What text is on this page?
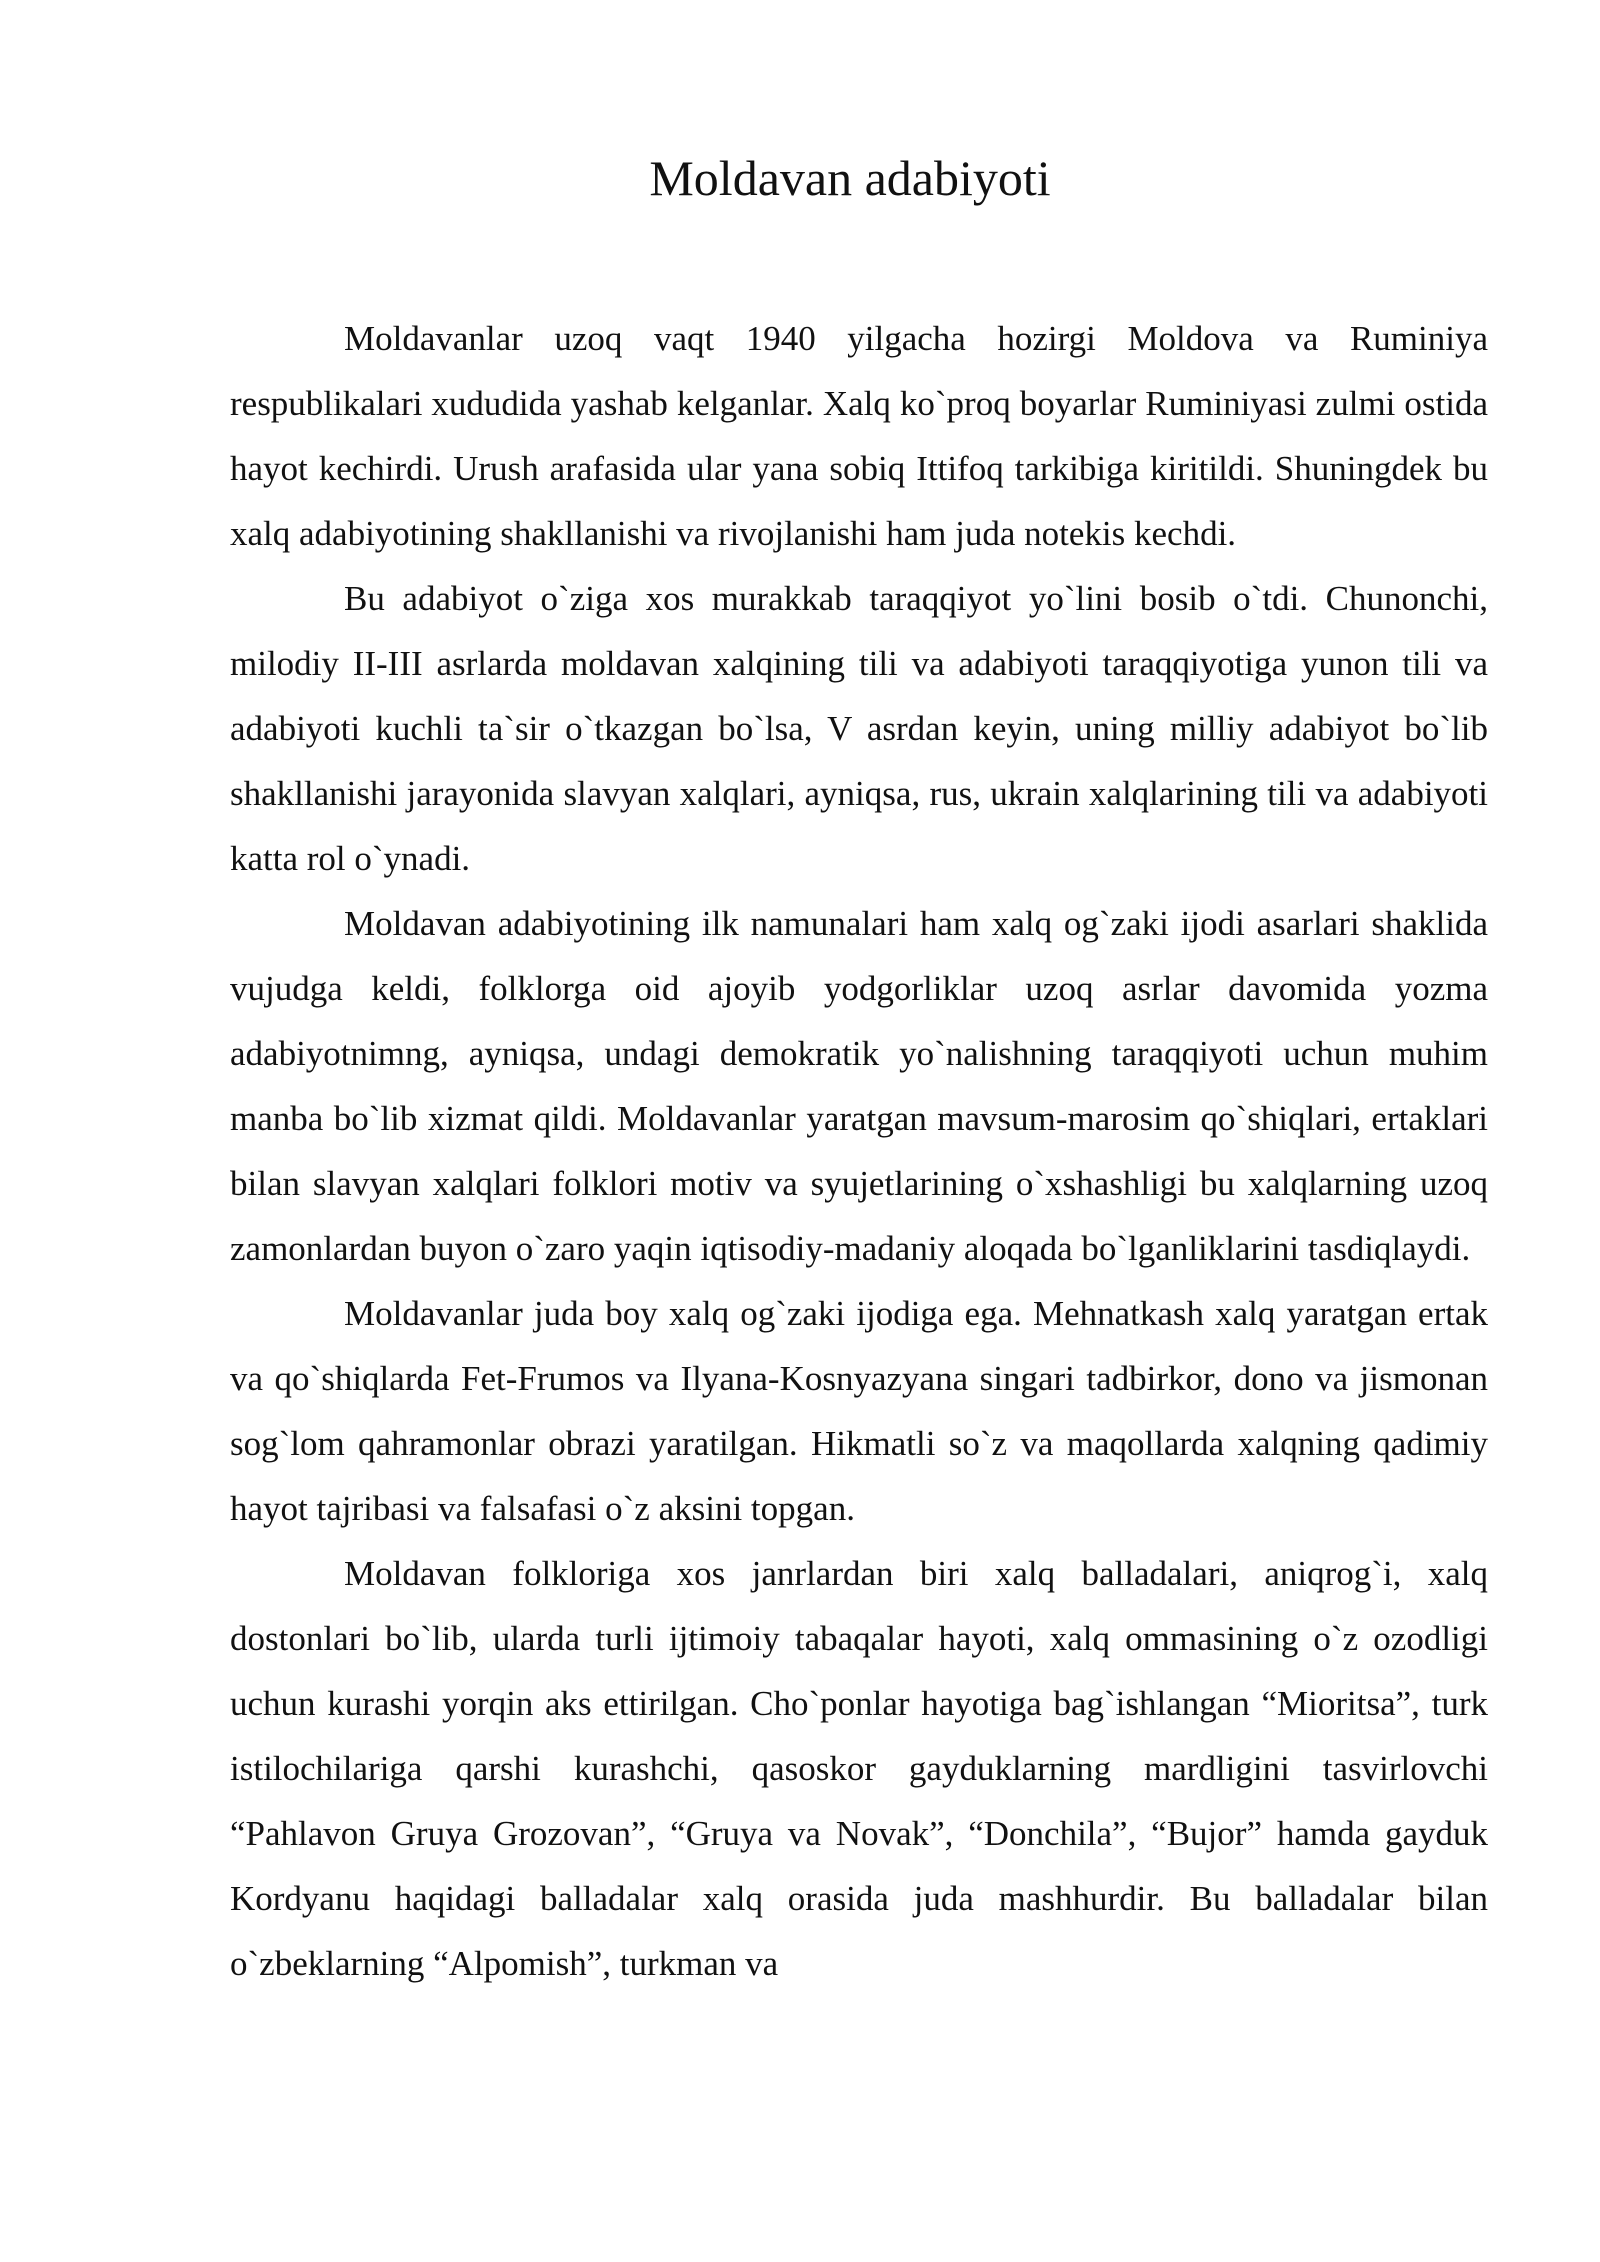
Moldavan adabiyoti

Moldavanlar uzoq vaqt 1940 yilgacha hozirgi Moldova va Ruminiya respublikalari xududida yashab kelganlar. Xalq ko`proq boyarlar Ruminiyasi zulmi ostida hayot kechirdi. Urush arafasida ular yana sobiq Ittifoq tarkibiga kiritildi. Shuningdek bu xalq adabiyotining shakllanishi va rivojlanishi ham juda notekis kechdi.

Bu adabiyot o`ziga xos murakkab taraqqiyot yo`lini bosib o`tdi. Chunonchi, milodiy II-III asrlarda moldavan xalqining tili va adabiyoti taraqqiyotiga yunon tili va adabiyoti kuchli ta`sir o`tkazgan bo`lsa, V asrdan keyin, uning milliy adabiyot bo`lib shakllanishi jarayonida slavyan xalqlari, ayniqsa, rus, ukrain xalqlarining tili va adabiyoti katta rol o`ynadi.

Moldavan adabiyotining ilk namunalari ham xalq og`zaki ijodi asarlari shaklida vujudga keldi, folklorga oid ajoyib yodgorliklar uzoq asrlar davomida yozma adabiyotnimng, ayniqsa, undagi demokratik yo`nalishning taraqqiyoti uchun muhim manba bo`lib xizmat qildi. Moldavanlar yaratgan mavsum-marosim qo`shiqlari, ertaklari bilan slavyan xalqlari folklori motiv va syujetlarining o`xshashligi bu xalqlarning uzoq zamonlardan buyon o`zaro yaqin iqtisodiy-madaniy aloqada bo`lganliklarini tasdiqlaydi.

Moldavanlar juda boy xalq og`zaki ijodiga ega. Mehnatkash xalq yaratgan ertak va qo`shiqlarda Fet-Frumos va Ilyana-Kosnyazyana singari tadbirkor, dono va jismonan sog`lom qahramonlar obrazi yaratilgan. Hikmatli so`z va maqollarda xalqning qadimiy hayot tajribasi va falsafasi o`z aksini topgan.

Moldavan folkloriga xos janrlardan biri xalq balladalari, aniqrog`i, xalq dostonlari bo`lib, ularda turli ijtimoiy tabaqalar hayoti, xalq ommasining o`z ozodligi uchun kurashi yorqin aks ettirilgan. Cho`ponlar hayotiga bag`ishlangan “Mioritsa”, turk istilochilariga qarshi kurashchi, qasoskor gayduklarning mardligini tasvirlovchi “Pahlavon Gruya Grozovan”, “Gruya va Novak”, “Donchila”, “Bujor” hamda gayduk Kordyanu haqidagi balladalar xalq orasida juda mashhurdir. Bu balladalar bilan o`zbeklarning “Alpomish”, turkman va
